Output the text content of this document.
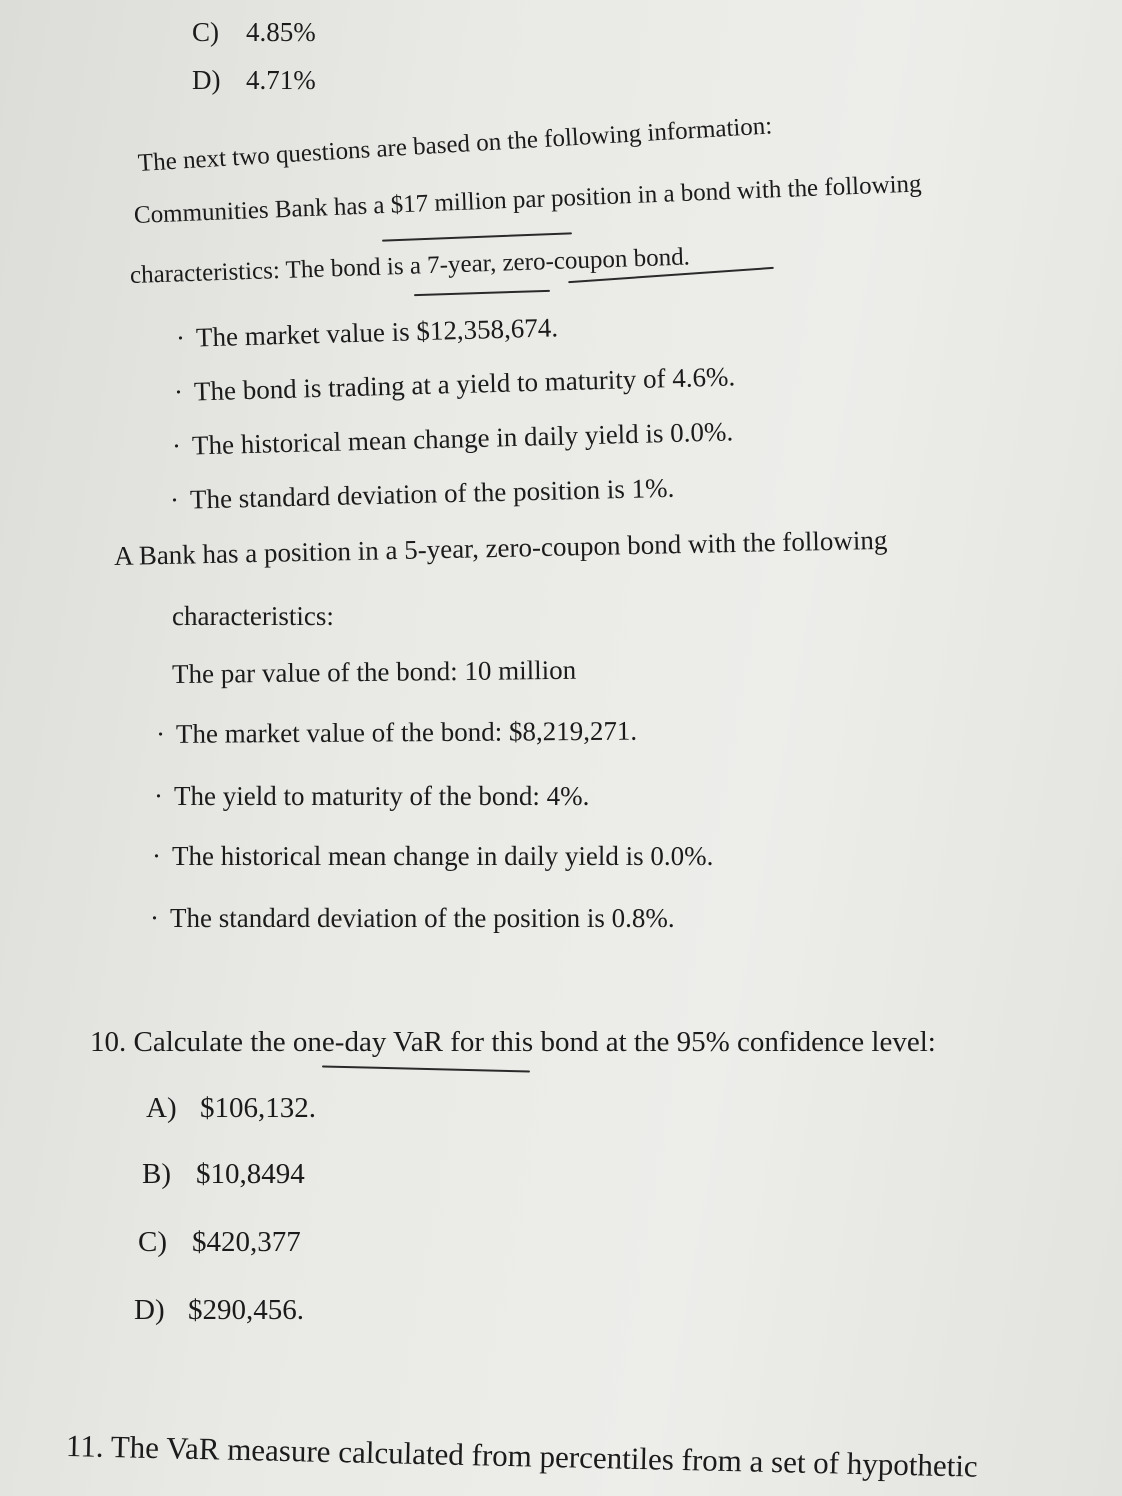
C) 4.85%
D) 4.71%
The next two questions are based on the following information:
Communities Bank has a $17 million par position in a bond with the following
characteristics: The bond is a 7-year, zero-coupon bond.
· The market value is $12,358,674.
· The bond is trading at a yield to maturity of 4.6%.
· The historical mean change in daily yield is 0.0%.
· The standard deviation of the position is 1%.
A Bank has a position in a 5-year, zero-coupon bond with the following
characteristics:
The par value of the bond: 10 million
· The market value of the bond: $8,219,271.
· The yield to maturity of the bond: 4%.
· The historical mean change in daily yield is 0.0%.
· The standard deviation of the position is 0.8%.
10. Calculate the one-day VaR for this bond at the 95% confidence level:
A) $106,132.
B) $10,8494
C) $420,377
D) $290,456.
11. The VaR measure calculated from percentiles from a set of hypothetic
